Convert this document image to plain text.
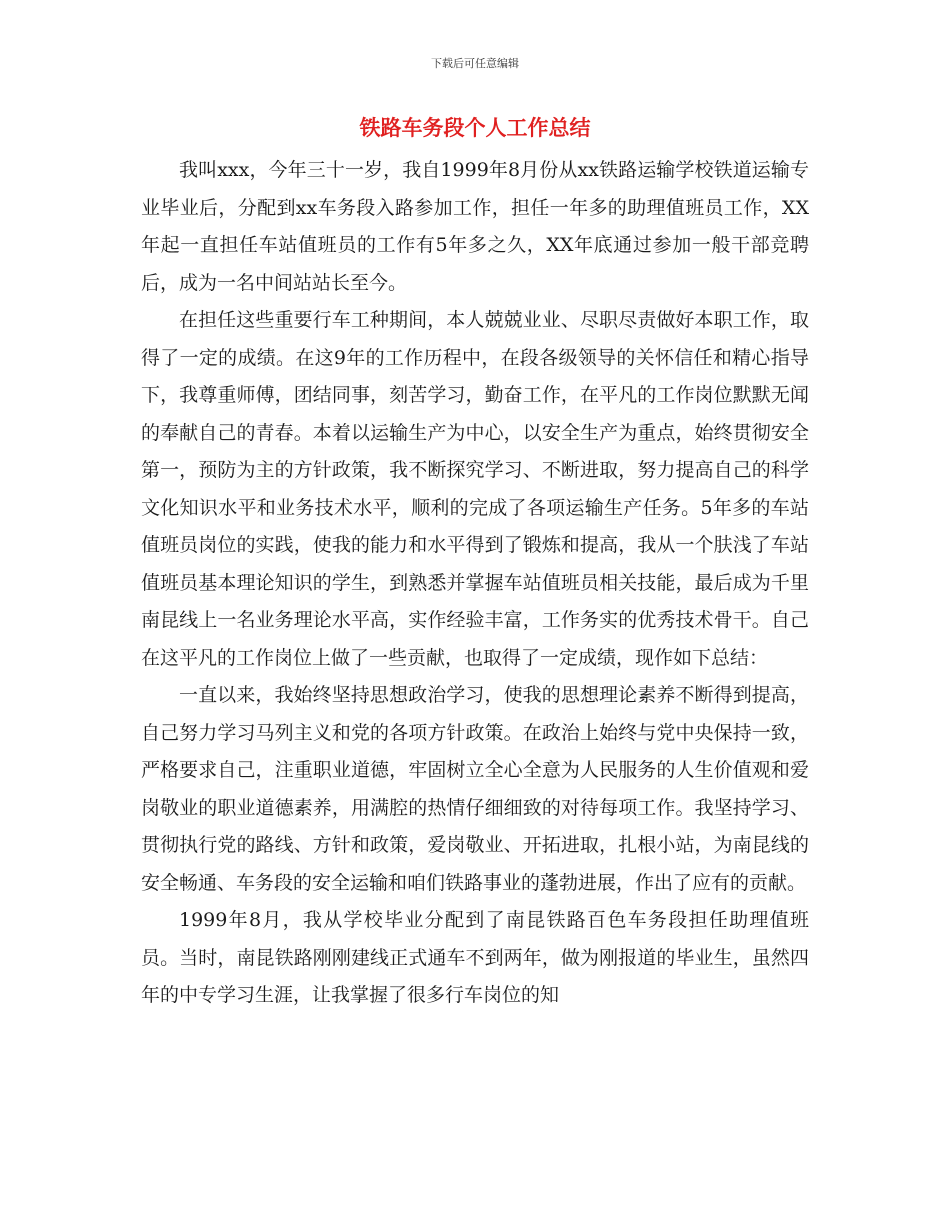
下载后可任意编辑
铁路车务段个人工作总结

我叫xxx，今年三十一岁，我自1999年8月份从xx铁路运输学校铁道运输专业毕业后，分配到xx车务段入路参加工作，担任一年多的助理值班员工作，XX年起一直担任车站值班员的工作有5年多之久，XX年底通过参加一般干部竞聘后，成为一名中间站站长至今。

在担任这些重要行车工种期间，本人兢兢业业、尽职尽责做好本职工作，取得了一定的成绩。在这9年的工作历程中，在段各级领导的关怀信任和精心指导下，我尊重师傅，团结同事，刻苦学习，勤奋工作，在平凡的工作岗位默默无闻的奉献自己的青春。本着以运输生产为中心，以安全生产为重点，始终贯彻安全第一，预防为主的方针政策，我不断探究学习、不断进取，努力提高自己的科学文化知识水平和业务技术水平，顺利的完成了各项运输生产任务。5年多的车站值班员岗位的实践，使我的能力和水平得到了锻炼和提高，我从一个肤浅了车站值班员基本理论知识的学生，到熟悉并掌握车站值班员相关技能，最后成为千里南昆线上一名业务理论水平高，实作经验丰富，工作务实的优秀技术骨干。自己在这平凡的工作岗位上做了一些贡献，也取得了一定成绩，现作如下总结：

一直以来，我始终坚持思想政治学习，使我的思想理论素养不断得到提高，自己努力学习马列主义和党的各项方针政策。在政治上始终与党中央保持一致，严格要求自己，注重职业道德，牢固树立全心全意为人民服务的人生价值观和爱岗敬业的职业道德素养，用满腔的热情仔细细致的对待每项工作。我坚持学习、贯彻执行党的路线、方针和政策，爱岗敬业、开拓进取，扎根小站，为南昆线的安全畅通、车务段的安全运输和咱们铁路事业的蓬勃进展，作出了应有的贡献。

1999年8月，我从学校毕业分配到了南昆铁路百色车务段担任助理值班员。当时，南昆铁路刚刚建线正式通车不到两年，做为刚报道的毕业生，虽然四年的中专学习生涯，让我掌握了很多行车岗位的知
